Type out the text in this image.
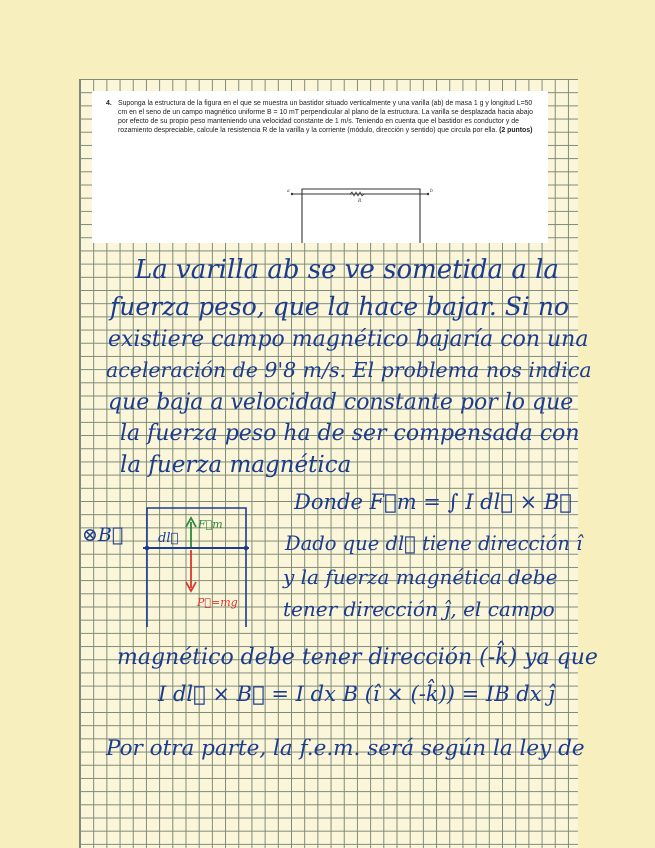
4. Suponga la estructura de la figura en el que se muestra un bastidor situado verticalmente y una varilla (ab) de masa 1 g y longitud L=50 cm en el seno de un campo magnético uniforme B = 10 mT perpendicular al plano de la estructura. La varilla se desplazada hacia abajo por efecto de su propio peso manteniendo una velocidad constante de 1 m/s. Teniendo en cuenta que el bastidor es conductor y de rozamiento despreciable, calcule la resistencia R de la varilla y la corriente (módulo, dirección y sentido) que circula por ella. (2 puntos)
a	b
R
La varilla ab se ve sometida a la
fuerza peso, que la hace bajar. Si no
existiere campo magnético bajaría con una
aceleración de 9'8 m/s. El problema nos indica
que baja a velocidad constante por lo que
la fuerza peso ha de ser compensada con
la fuerza magnética
Donde F⃗m = ∫ I dl⃗ × B⃗
Dado que dl⃗ tiene dirección î
y la fuerza magnética debe
tener dirección ĵ, el campo
magnético debe tener dirección (-k̂) ya que
I dl⃗ × B⃗ = I dx B (î × (-k̂)) = IB dx ĵ
Por otra parte, la f.e.m. será según la ley de
⊗B⃗	dl⃗
F⃗m
P⃗=mg
